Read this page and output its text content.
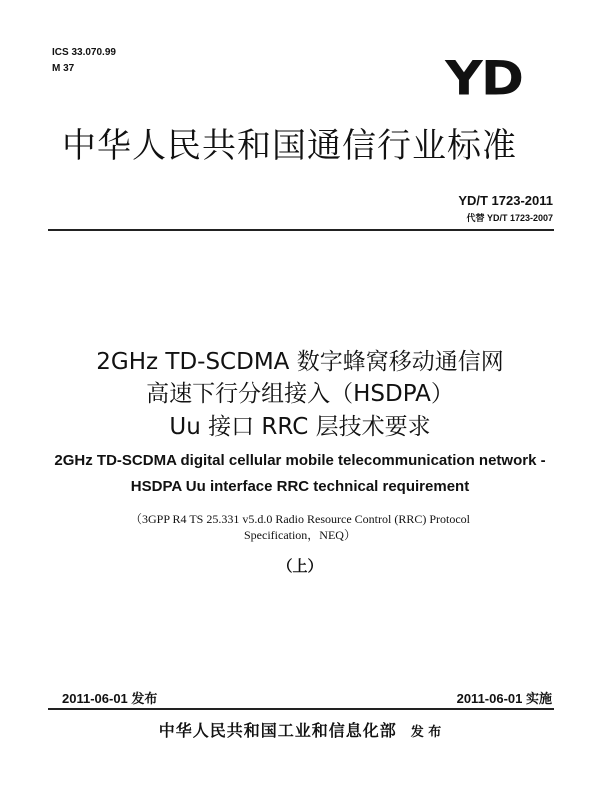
ICS 33.070.99
M 37	YD
中华人民共和国通信行业标准
YD/T 1723-2011
代替 YD/T 1723-2007
2GHz TD-SCDMA 数字蜂窝移动通信网
高速下行分组接入（HSDPA）
Uu 接口 RRC 层技术要求
2GHz TD-SCDMA digital cellular mobile telecommunication network -
HSDPA Uu interface RRC technical requirement
（3GPP R4 TS 25.331 v5.d.0 Radio Resource Control (RRC) Protocol
Specification，NEQ）
（上）
2011-06-01 发布	2011-06-01 实施
中华人民共和国工业和信息化部 发 布
